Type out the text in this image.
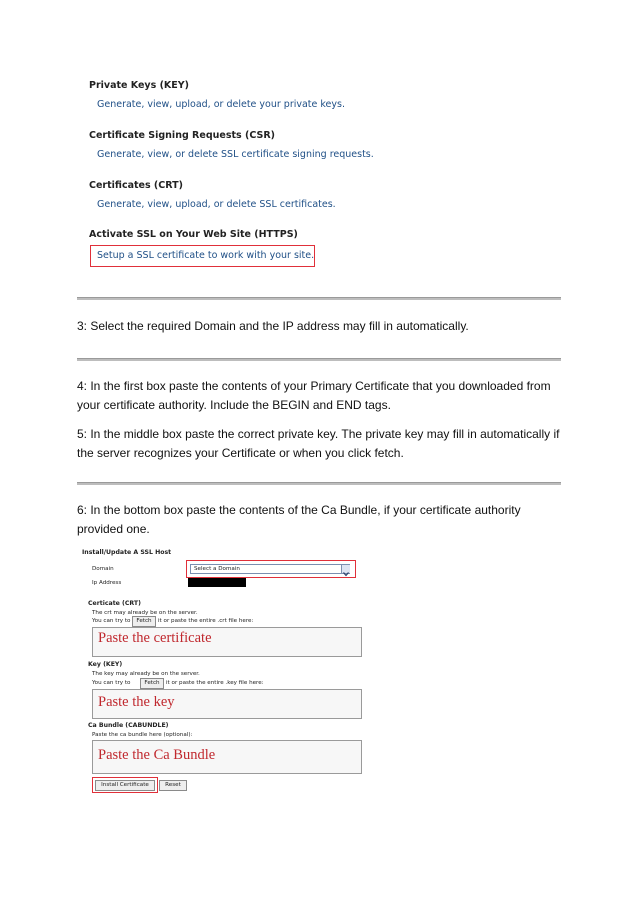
Private Keys (KEY)
Generate, view, upload, or delete your private keys.
Certificate Signing Requests (CSR)
Generate, view, or delete SSL certificate signing requests.
Certificates (CRT)
Generate, view, upload, or delete SSL certificates.
Activate SSL on Your Web Site (HTTPS)
Setup a SSL certificate to work with your site.
3: Select the required Domain and the IP address may fill in automatically.
4: In the first box paste the contents of your Primary Certificate that you downloaded from your certificate authority. Include the BEGIN and END tags.
5: In the middle box paste the correct private key. The private key may fill in automatically if the server recognizes your Certificate or when you click fetch.
6: In the bottom box paste the contents of the Ca Bundle, if your certificate authority provided one.
Install/Update A SSL Host
Domain	Select a Domain
Ip Address
Certicate (CRT)
The crt may already be on the server.
You can try to	Fetch	it or paste the entire .crt file here:
Paste the certificate
Key (KEY)
The key may already be on the server.
You can try to	Fetch	it or paste the entire .key file here:
Paste the key
Ca Bundle (CABUNDLE)
Paste the ca bundle here (optional):
Paste the Ca Bundle
Install Certificate	Reset
